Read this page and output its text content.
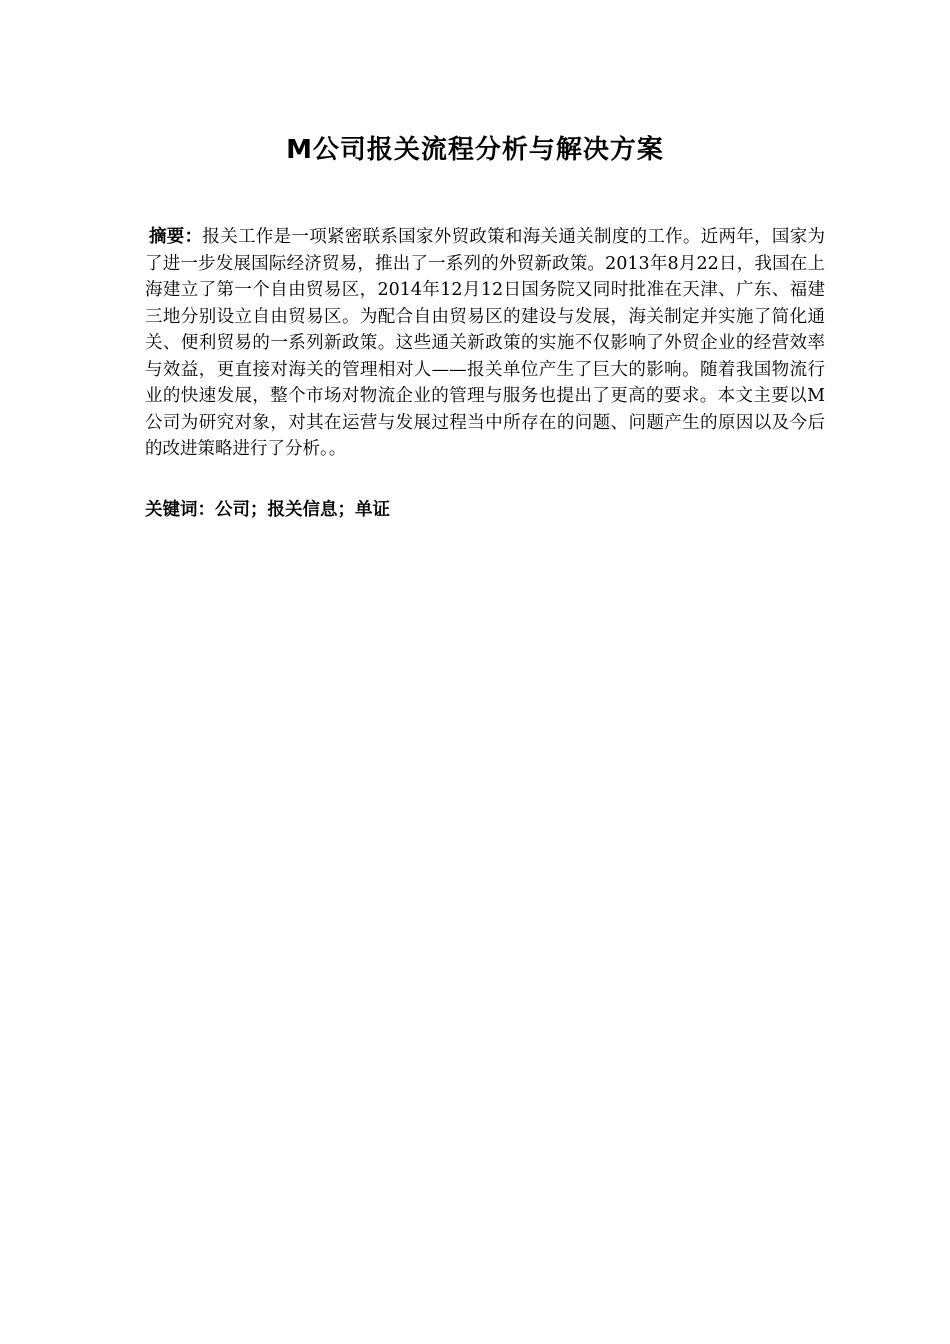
M公司报关流程分析与解决方案
摘要：报关工作是一项紧密联系国家外贸政策和海关通关制度的工作。近两年，国家为了进一步发展国际经济贸易，推出了一系列的外贸新政策。2013年8月22日，我国在上海建立了第一个自由贸易区，2014年12月12日国务院又同时批准在天津、广东、福建三地分别设立自由贸易区。为配合自由贸易区的建设与发展，海关制定并实施了简化通关、便利贸易的一系列新政策。这些通关新政策的实施不仅影响了外贸企业的经营效率与效益，更直接对海关的管理相对人——报关单位产生了巨大的影响。随着我国物流行业的快速发展，整个市场对物流企业的管理与服务也提出了更高的要求。本文主要以M公司为研究对象，对其在运营与发展过程当中所存在的问题、问题产生的原因以及今后的改进策略进行了分析。。
关键词：公司；报关信息；单证
